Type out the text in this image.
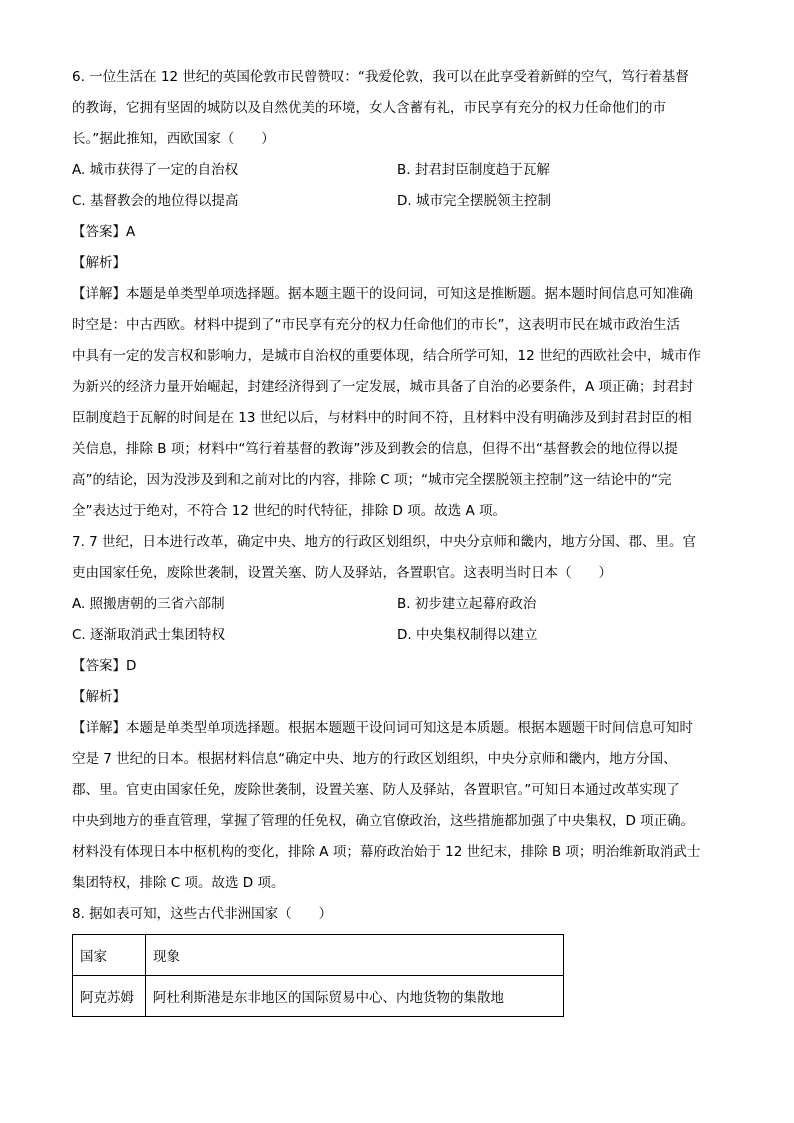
6. 一位生活在 12 世纪的英国伦敦市民曾赞叹：“我爱伦敦，我可以在此享受着新鲜的空气，笃行着基督
的教诲，它拥有坚固的城防以及自然优美的环境，女人含蓄有礼，市民享有充分的权力任命他们的市
长。”据此推知，西欧国家（　　）
A. 城市获得了一定的自治权	B. 封君封臣制度趋于瓦解
C. 基督教会的地位得以提高	D. 城市完全摆脱领主控制
【答案】A
【解析】
【详解】本题是单类型单项选择题。据本题主题干的设问词，可知这是推断题。据本题时间信息可知准确
时空是：中古西欧。材料中提到了“市民享有充分的权力任命他们的市长”，这表明市民在城市政治生活
中具有一定的发言权和影响力，是城市自治权的重要体现，结合所学可知，12 世纪的西欧社会中，城市作
为新兴的经济力量开始崛起，封建经济得到了一定发展，城市具备了自治的必要条件，A 项正确；封君封
臣制度趋于瓦解的时间是在 13 世纪以后，与材料中的时间不符，且材料中没有明确涉及到封君封臣的相
关信息，排除 B 项；材料中“笃行着基督的教诲”涉及到教会的信息，但得不出“基督教会的地位得以提
高”的结论，因为没涉及到和之前对比的内容，排除 C 项；“城市完全摆脱领主控制”这一结论中的“完
全”表达过于绝对，不符合 12 世纪的时代特征，排除 D 项。故选 A 项。
7. 7 世纪，日本进行改革，确定中央、地方的行政区划组织，中央分京师和畿内，地方分国、郡、里。官
吏由国家任免，废除世袭制，设置关塞、防人及驿站，各置职官。这表明当时日本（　　）
A. 照搬唐朝的三省六部制	B. 初步建立起幕府政治
C. 逐渐取消武士集团特权	D. 中央集权制得以建立
【答案】D
【解析】
【详解】本题是单类型单项选择题。根据本题题干设问词可知这是本质题。根据本题题干时间信息可知时
空是 7 世纪的日本。根据材料信息“确定中央、地方的行政区划组织，中央分京师和畿内，地方分国、
郡、里。官吏由国家任免，废除世袭制，设置关塞、防人及驿站，各置职官。”可知日本通过改革实现了
中央到地方的垂直管理，掌握了管理的任免权，确立官僚政治，这些措施都加强了中央集权，D 项正确。
材料没有体现日本中枢机构的变化，排除 A 项；幕府政治始于 12 世纪末，排除 B 项；明治维新取消武士
集团特权，排除 C 项。故选 D 项。
8. 据如表可知，这些古代非洲国家（　　）
国家	现象
阿克苏姆	阿杜利斯港是东非地区的国际贸易中心、内地货物的集散地
